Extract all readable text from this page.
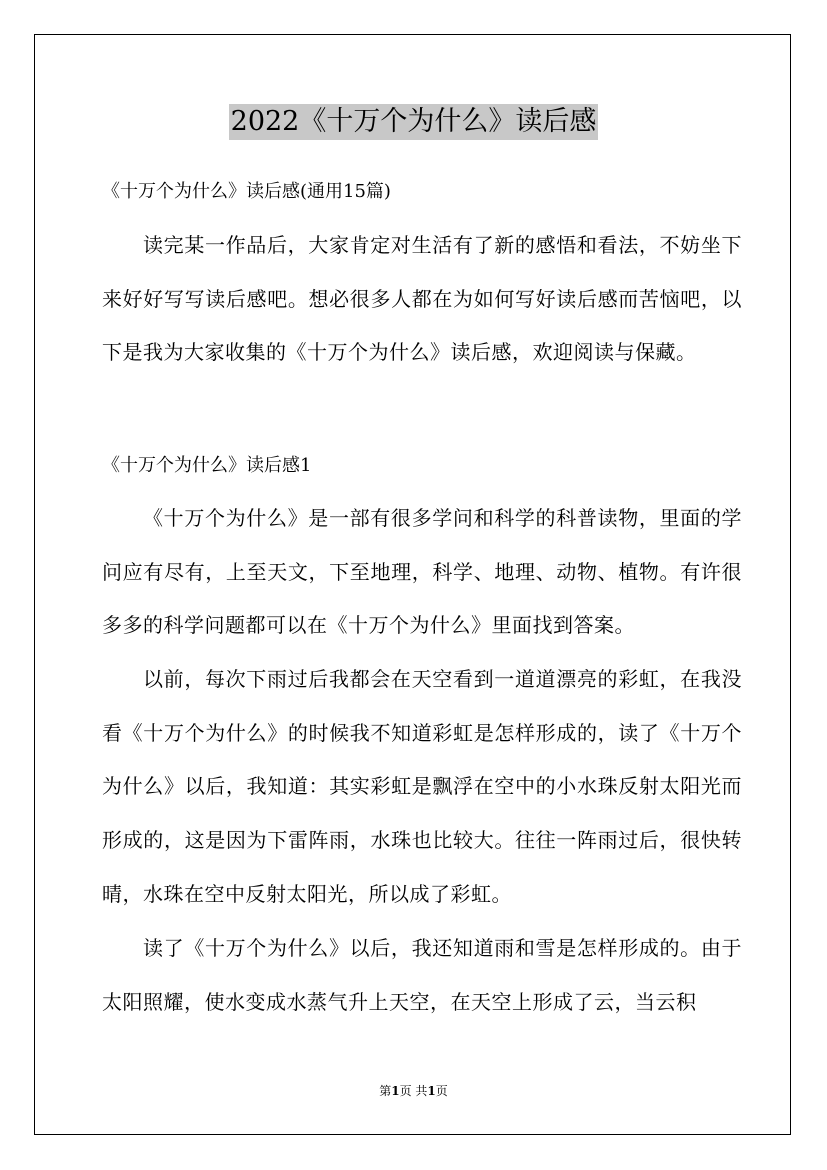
2022《十万个为什么》读后感
《十万个为什么》读后感(通用15篇)

读完某一作品后，大家肯定对生活有了新的感悟和看法，不妨坐下来好好写写读后感吧。想必很多人都在为如何写好读后感而苦恼吧，以下是我为大家收集的《十万个为什么》读后感，欢迎阅读与保藏。

《十万个为什么》读后感1

《十万个为什么》是一部有很多学问和科学的科普读物，里面的学问应有尽有，上至天文，下至地理，科学、地理、动物、植物。有许很多多的科学问题都可以在《十万个为什么》里面找到答案。

以前，每次下雨过后我都会在天空看到一道道漂亮的彩虹，在我没看《十万个为什么》的时候我不知道彩虹是怎样形成的，读了《十万个为什么》以后，我知道：其实彩虹是飘浮在空中的小水珠反射太阳光而形成的，这是因为下雷阵雨，水珠也比较大。往往一阵雨过后，很快转晴，水珠在空中反射太阳光，所以成了彩虹。

读了《十万个为什么》以后，我还知道雨和雪是怎样形成的。由于太阳照耀，使水变成水蒸气升上天空，在天空上形成了云，当云积

第1页 共1页
